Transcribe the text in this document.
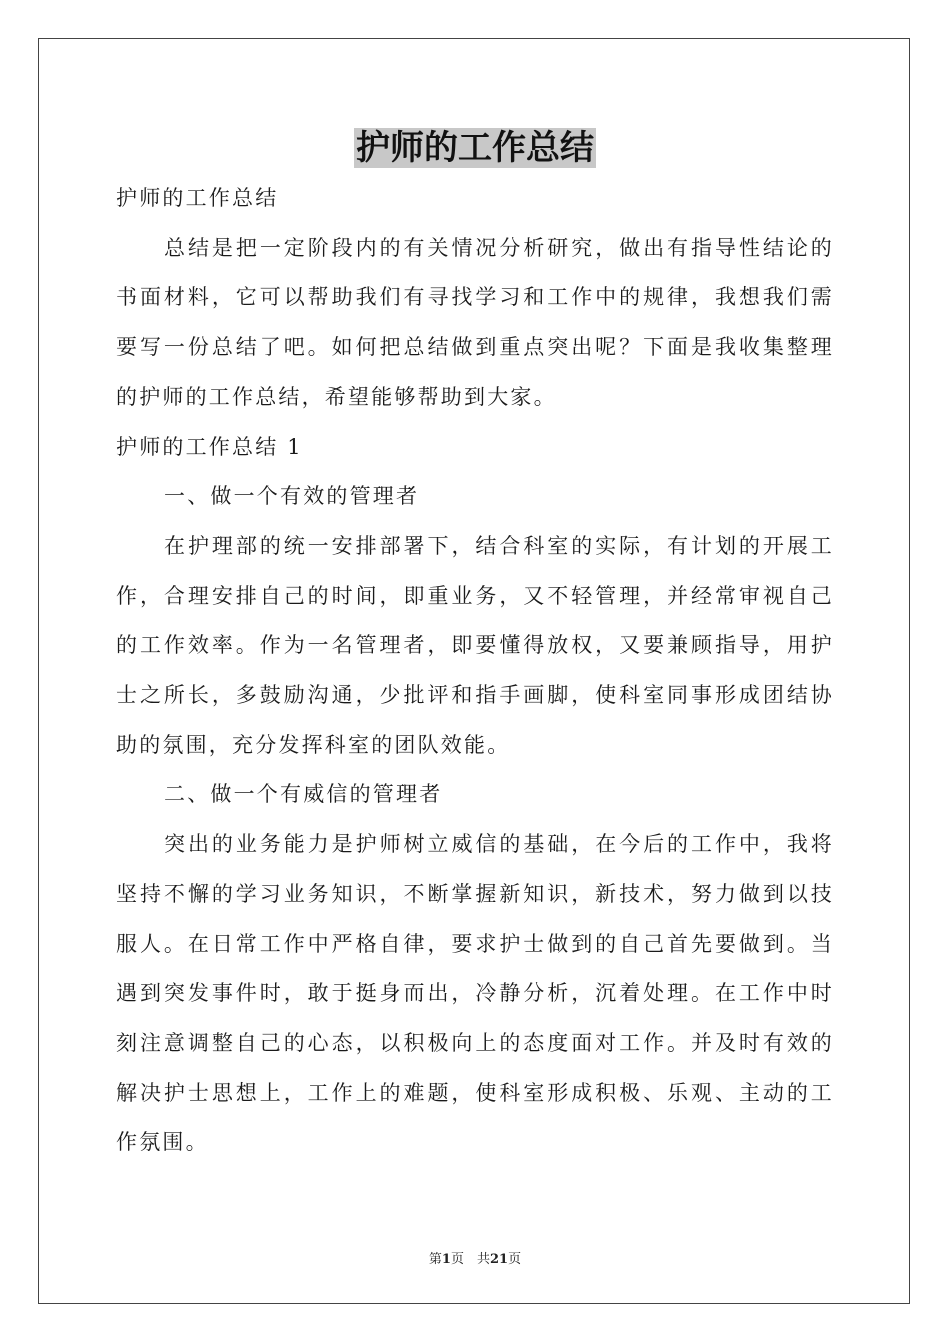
护师的工作总结

护师的工作总结

总结是把一定阶段内的有关情况分析研究，做出有指导性结论的书面材料，它可以帮助我们有寻找学习和工作中的规律，我想我们需要写一份总结了吧。如何把总结做到重点突出呢？下面是我收集整理的护师的工作总结，希望能够帮助到大家。

护师的工作总结 1

一、做一个有效的管理者

在护理部的统一安排部署下，结合科室的实际，有计划的开展工作，合理安排自己的时间，即重业务，又不轻管理，并经常审视自己的工作效率。作为一名管理者，即要懂得放权，又要兼顾指导，用护士之所长，多鼓励沟通，少批评和指手画脚，使科室同事形成团结协助的氛围，充分发挥科室的团队效能。

二、做一个有威信的管理者

突出的业务能力是护师树立威信的基础，在今后的工作中，我将坚持不懈的学习业务知识，不断掌握新知识，新技术，努力做到以技服人。在日常工作中严格自律，要求护士做到的自己首先要做到。当遇到突发事件时，敢于挺身而出，冷静分析，沉着处理。在工作中时刻注意调整自己的心态，以积极向上的态度面对工作。并及时有效的解决护士思想上，工作上的难题，使科室形成积极、乐观、主动的工作氛围。

第1页　共21页
